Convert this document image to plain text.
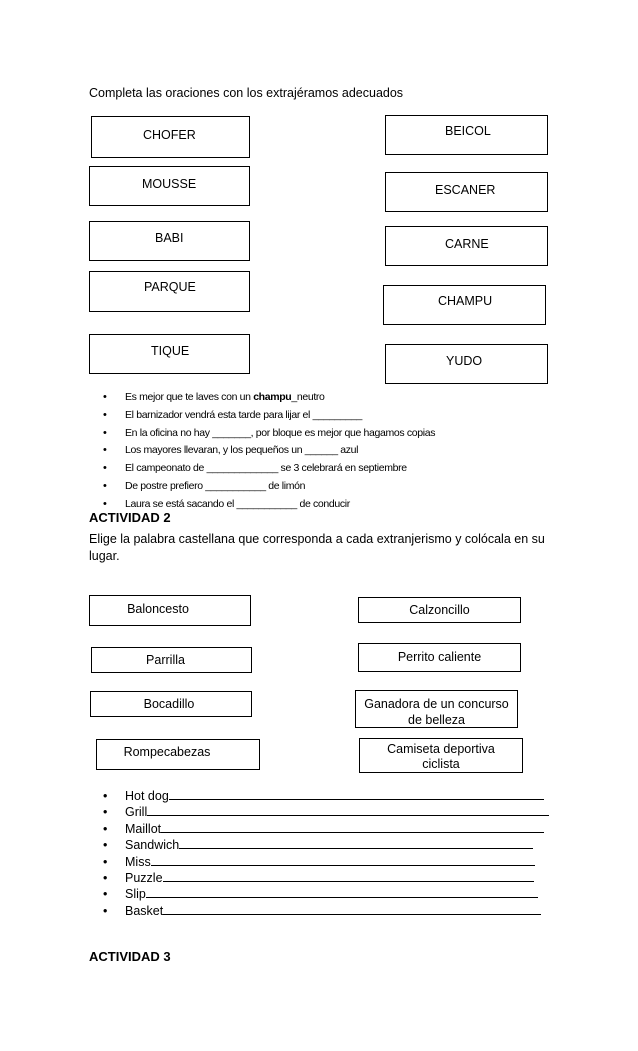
Completa las oraciones con los extrajéramos adecuados
CHOFER
MOUSSE
BABI
PARQUE
TIQUE
BEICOL
ESCANER
CARNE
CHAMPU
YUDO
• Es mejor que te laves con un champu_neutro
• El barnizador vendrá esta tarde para lijar el _________
• En la oficina no hay _______, por bloque es mejor que hagamos copias
• Los mayores llevaran, y los pequeños un ______ azul
• El campeonato de _____________ se 3 celebrará en septiembre
• De postre prefiero ___________ de limón
• Laura se está sacando el ___________ de conducir
ACTIVIDAD 2
Elige la palabra castellana que corresponda a cada extranjerismo y colócala en su lugar.
Baloncesto
Parrilla
Bocadillo
Rompecabezas
Calzoncillo
Perrito caliente
Ganadora de un concurso de belleza
Camiseta deportiva ciclista
• Hot dog
• Grill
• Maillot
• Sandwich
• Miss
• Puzzle
• Slip
• Basket
ACTIVIDAD 3
